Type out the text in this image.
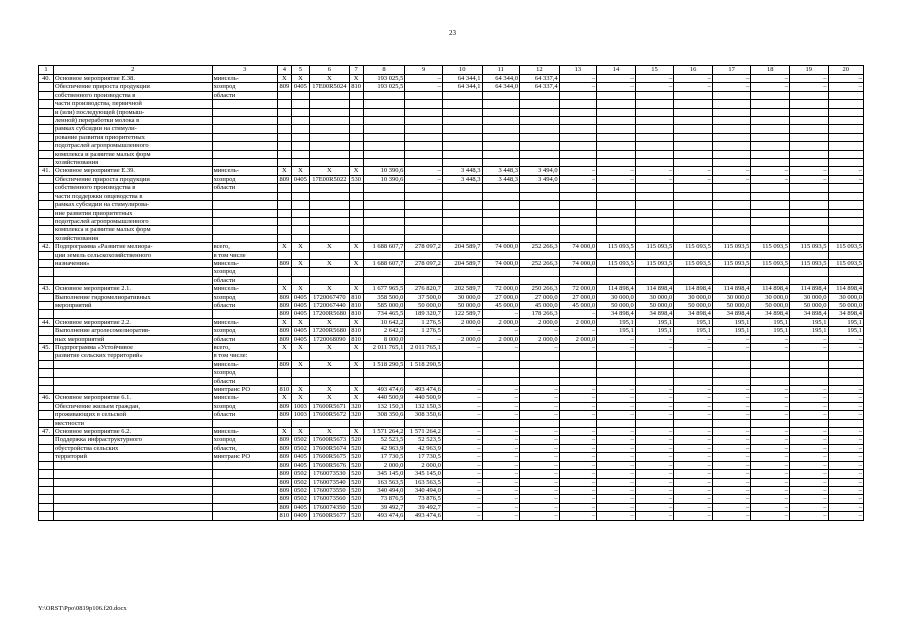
23
1	2	3	4	5	6	7	8	9	10	11	12	13	14	15	16	17	18	19	20
40.	Основное мероприятие Е.38.	минсель-	Х	Х	Х	Х	193 025,5	–	64 344,1	64 344,0	64 337,4	–	–	–	–	–	–	–	–
	Обеспечение прироста продукции	хозпрод	809	0405	17Е00R5024	810	193 025,5	–	64 344,1	64 344,0	64 337,4	–	–	–	–	–	–	–	–
	собственного производства в	области																	
	части производства, первичной																		
	и (или) последующей (промыш-																		
	ленной) переработки молока в																		
	рамках субсидии на стимули-																		
	рование развития приоритетных																		
	подотраслей агропромышленного																		
	комплекса и развитие малых форм																		
	хозяйствования																		
41.	Основное мероприятие Е.39.	минсель-	Х	Х	Х	Х	10 390,6	–	3 448,3	3 448,3	3 494,0	–	–	–	–	–	–	–	–
	Обеспечение прироста продукции	хозпрод	809	0405	17Е00R5022	530	10 390,6	–	3 448,3	3 448,3	3 494,0	–	–	–	–	–	–	–	–
	собственного производства в	области																	
	части поддержки овцеводства в																		
	рамках субсидии на стимулирова-																		
	ние развития приоритетных																		
	подотраслей агропромышленного																		
	комплекса и развитие малых форм																		
	хозяйствования																		
42.	Подпрограмма «Развитие мелиора-	всего,	Х	Х	Х	Х	1 688 607,7	278 097,2	204 589,7	74 000,0	252 266,3	74 000,0	115 093,5	115 093,5	115 093,5	115 093,5	115 093,5	115 093,5	115 093,5
	ции земель сельскохозяйственного	в том числе																	
	назначения»	минсель-	809	Х	Х	Х	1 688 607,7	278 097,2	204 589,7	74 000,0	252 266,3	74 000,0	115 093,5	115 093,5	115 093,5	115 093,5	115 093,5	115 093,5	115 093,5
		хозпрод																	
		области																	
43.	Основное мероприятие 2.1.	минсель-	Х	Х	Х	Х	1 677 965,5	276 820,7	202 589,7	72 000,0	250 266,3	72 000,0	114 898,4	114 898,4	114 898,4	114 898,4	114 898,4	114 898,4	114 898,4
	Выполнение гидромелиоративных	хозпрод	809	0405	1720067470	810	358 500,0	37 500,0	30 000,0	27 000,0	27 000,0	27 000,0	30 000,0	30 000,0	30 000,0	30 000,0	30 000,0	30 000,0	30 000,0
	мероприятий	области	809	0405	1720067440	810	585 000,0	50 000,0	50 000,0	45 000,0	45 000,0	45 000,0	50 000,0	50 000,0	50 000,0	50 000,0	50 000,0	50 000,0	50 000,0
			809	0405	17200R5680	810	734 465,5	189 320,7	122 589,7	–	178 266,3	–	34 898,4	34 898,4	34 898,4	34 898,4	34 898,4	34 898,4	34 898,4
44.	Основное мероприятие 2.2.	минсель-	Х	Х	Х	Х	10 642,2	1 276,5	2 000,0	2 000,0	2 000,0	2 000,0	195,1	195,1	195,1	195,1	195,1	195,1	195,1
	Выполнение агролесомелиоратив-	хозпрод	809	0405	17200R5680	810	2 642,2	1 276,5	–	–	–	–	195,1	195,1	195,1	195,1	195,1	195,1	195,1
	ных мероприятий	области	809	0405	1720068090	810	8 000,0	–	2 000,0	2 000,0	2 000,0	2 000,0	–	–	–	–	–	–	–
45.	Подпрограмма «Устойчивое	всего,	Х	Х	Х	Х	2 011 765,1	2 011 765,1	–	–	–	–	–	–	–	–	–	–	–
	развитие сельских территорий»	в том числе:																	
		минсель-	809	Х	Х	Х	1 518 290,5	1 518 290,5											
		хозпрод																	
		области																	
		минтранс РО	810	Х	Х	Х	493 474,6	493 474,6	–	–	–	–	–	–	–	–	–	–	–
46.	Основное мероприятие 6.1.	минсель-	Х	Х	Х	Х	440 500,9	440 500,9	–	–	–	–	–	–	–	–	–	–	–
	Обеспечение жильем граждан,	хозпрод	809	1003	17600R5671	320	132 150,3	132 150,3	–	–	–	–	–	–	–	–	–	–	–
	проживающих в сельской	области	809	1003	17600R5672	320	308 350,6	308 350,6	–	–	–	–	–	–	–	–	–	–	–
	местности																		
47.	Основное мероприятие 6.2.	минсель-	Х	Х	Х	Х	1 571 264,2	1 571 264,2	–	–	–	–	–	–	–	–	–	–	–
	Поддержка инфраструктурного	хозпрод	809	0502	17600R5673	520	52 523,5	52 523,5	–	–	–	–	–	–	–	–	–	–	–
	обустройства сельских	области,	809	0502	17600R5674	520	42 963,9	42 963,9	–	–	–	–	–	–	–	–	–	–	–
	территорий	минтранс РО	809	0405	17600R5675	520	17 730,5	17 730,5	–	–	–	–	–	–	–	–	–	–	–
			809	0405	17600R5676	520	2 000,0	2 000,0	–	–	–	–	–	–	–	–	–	–	–
			809	0502	1760073530	520	345 145,0	345 145,0	–	–	–	–	–	–	–	–	–	–	–
			809	0502	1760073540	520	163 563,5	163 563,5	–	–	–	–	–	–	–	–	–	–	–
			809	0502	1760073550	520	340 494,0	340 494,0	–	–	–	–	–	–	–	–	–	–	–
			809	0502	1760073560	520	73 876,5	73 876,5	–	–	–	–	–	–	–	–	–	–	–
			809	0405	1760074350	520	39 492,7	39 492,7	–	–	–	–	–	–	–	–	–	–	–
			810	0409	17600R5677	520	493 474,6	493 474,6	–	–	–	–	–	–	–	–	–	–	–
Y:\ORST\Ppo\0819p106.f20.docx
